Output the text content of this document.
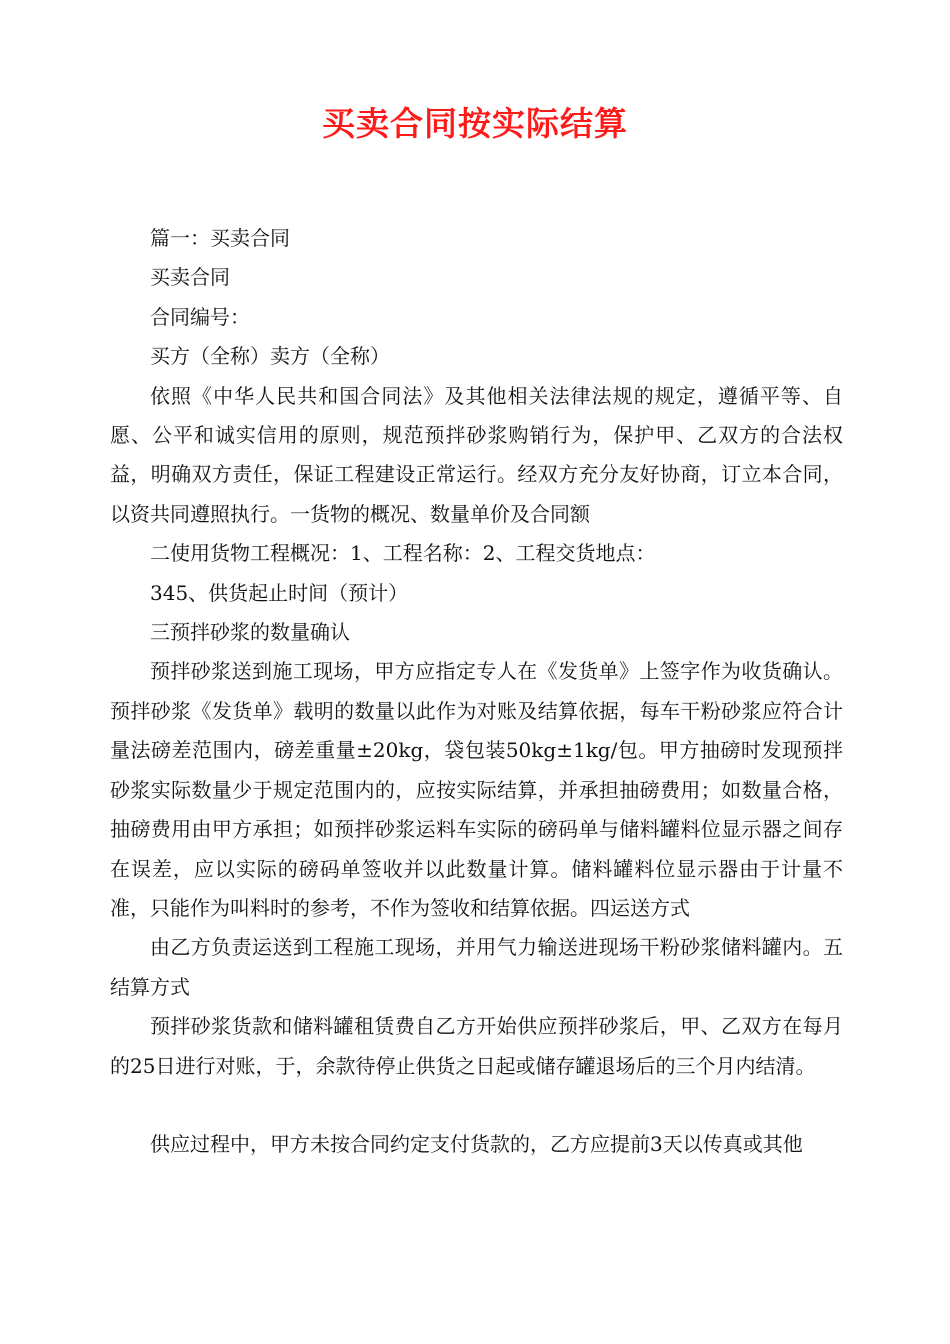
买卖合同按实际结算

篇一：买卖合同

买卖合同

合同编号：

买方（全称）卖方（全称）

依照《中华人民共和国合同法》及其他相关法律法规的规定，遵循平等、自愿、公平和诚实信用的原则，规范预拌砂浆购销行为，保护甲、乙双方的合法权益，明确双方责任，保证工程建设正常运行。经双方充分友好协商，订立本合同，以资共同遵照执行。一货物的概况、数量单价及合同额

二使用货物工程概况：1、工程名称：2、工程交货地点：

345、供货起止时间（预计）

三预拌砂浆的数量确认

预拌砂浆送到施工现场，甲方应指定专人在《发货单》上签字作为收货确认。预拌砂浆《发货单》载明的数量以此作为对账及结算依据，每车干粉砂浆应符合计量法磅差范围内，磅差重量±20kg，袋包装50kg±1kg/包。甲方抽磅时发现预拌砂浆实际数量少于规定范围内的，应按实际结算，并承担抽磅费用；如数量合格，抽磅费用由甲方承担；如预拌砂浆运料车实际的磅码单与储料罐料位显示器之间存在误差，应以实际的磅码单签收并以此数量计算。储料罐料位显示器由于计量不准，只能作为叫料时的参考，不作为签收和结算依据。四运送方式

由乙方负责运送到工程施工现场，并用气力输送进现场干粉砂浆储料罐内。五结算方式

预拌砂浆货款和储料罐租赁费自乙方开始供应预拌砂浆后，甲、乙双方在每月的25日进行对账，于，余款待停止供货之日起或储存罐退场后的三个月内结清。

供应过程中，甲方未按合同约定支付货款的，乙方应提前3天以传真或其他
